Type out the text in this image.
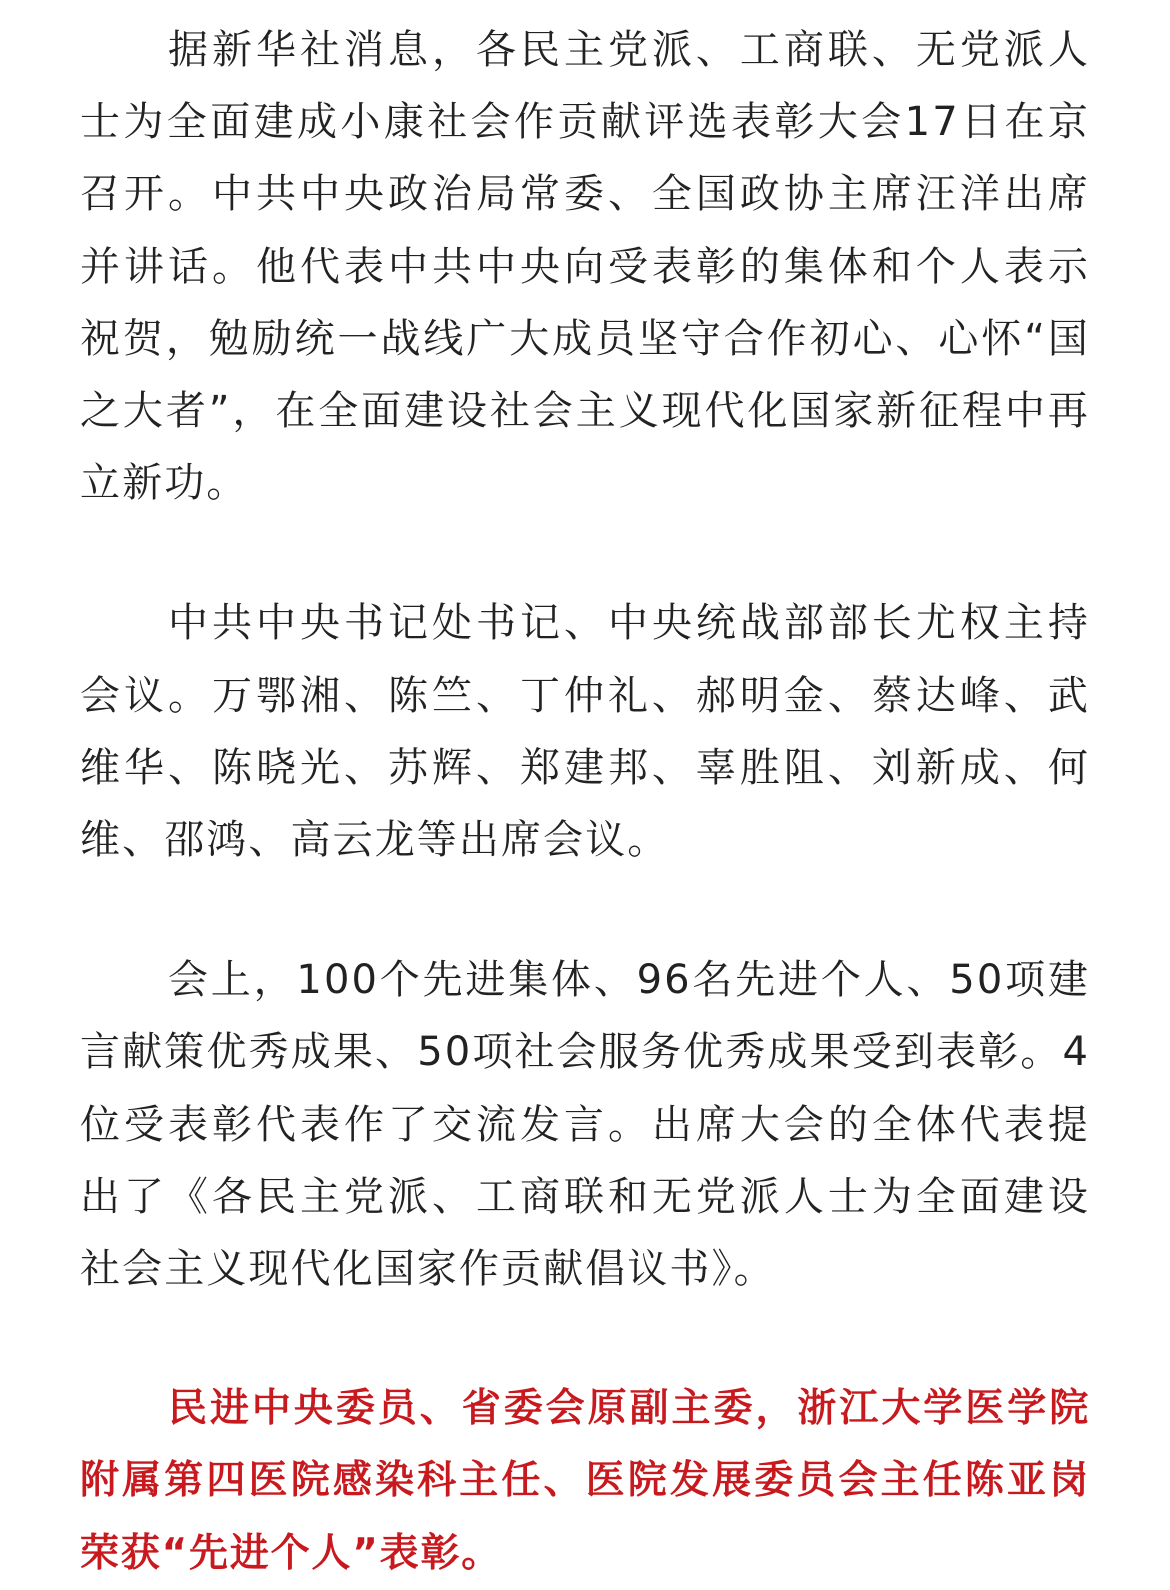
据新华社消息，各民主党派、工商联、无党派人士为全面建成小康社会作贡献评选表彰大会17日在京召开。中共中央政治局常委、全国政协主席汪洋出席并讲话。他代表中共中央向受表彰的集体和个人表示祝贺，勉励统一战线广大成员坚守合作初心、心怀“国之大者”，在全面建设社会主义现代化国家新征程中再立新功。

中共中央书记处书记、中央统战部部长尤权主持会议。万鄂湘、陈竺、丁仲礼、郝明金、蔡达峰、武维华、陈晓光、苏辉、郑建邦、辜胜阻、刘新成、何维、邵鸿、高云龙等出席会议。

会上，100个先进集体、96名先进个人、50项建言献策优秀成果、50项社会服务优秀成果受到表彰。4位受表彰代表作了交流发言。出席大会的全体代表提出了《各民主党派、工商联和无党派人士为全面建设社会主义现代化国家作贡献倡议书》。

民进中央委员、省委会原副主委，浙江大学医学院附属第四医院感染科主任、医院发展委员会主任陈亚岗荣获“先进个人”表彰。
